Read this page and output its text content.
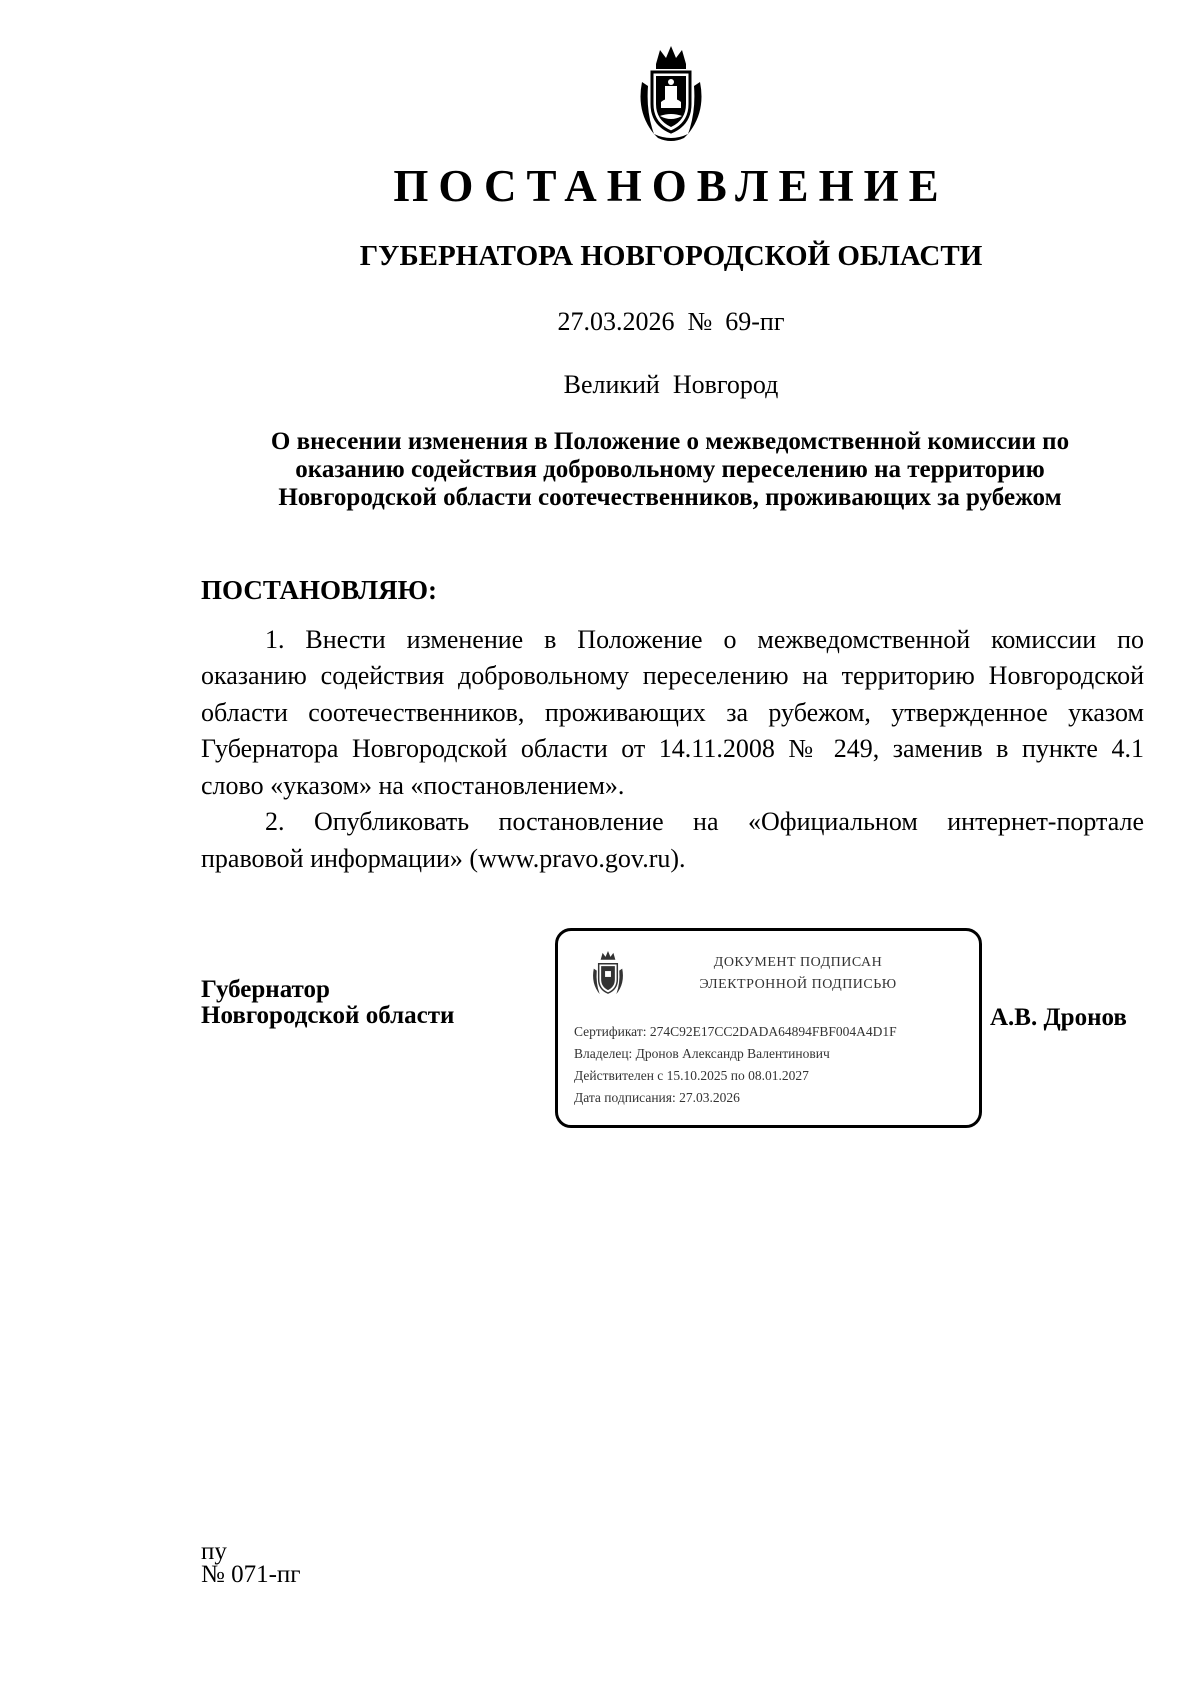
ПОСТАНОВЛЕНИЕ
ГУБЕРНАТОРА НОВГОРОДСКОЙ ОБЛАСТИ
27.03.2026  №  69-пг
Великий  Новгород
О внесении изменения в Положение о межведомственной комиссии по
оказанию содействия добровольному переселению на территорию
Новгородской области соотечественников, проживающих за рубежом
ПОСТАНОВЛЯЮ:
1. Внести изменение в Положение о межведомственной комиссии по
оказанию содействия добровольному переселению на территорию Новгородской
области соотечественников, проживающих за рубежом, утвержденное указом
Губернатора Новгородской области от 14.11.2008 № 249, заменив в пункте 4.1
слово «указом» на «постановлением».
2. Опубликовать постановление на «Официальном интернет-портале
правовой информации» (www.pravo.gov.ru).
Губернатор
Новгородской области
ДОКУМЕНТ ПОДПИСАН
ЭЛЕКТРОННОЙ ПОДПИСЬЮ
Сертификат: 274C92E17CC2DADA64894FBF004A4D1F
Владелец: Дронов Александр Валентинович
Действителен с 15.10.2025 по 08.01.2027
Дата подписания: 27.03.2026
А.В. Дронов
пу
№ 071-пг
